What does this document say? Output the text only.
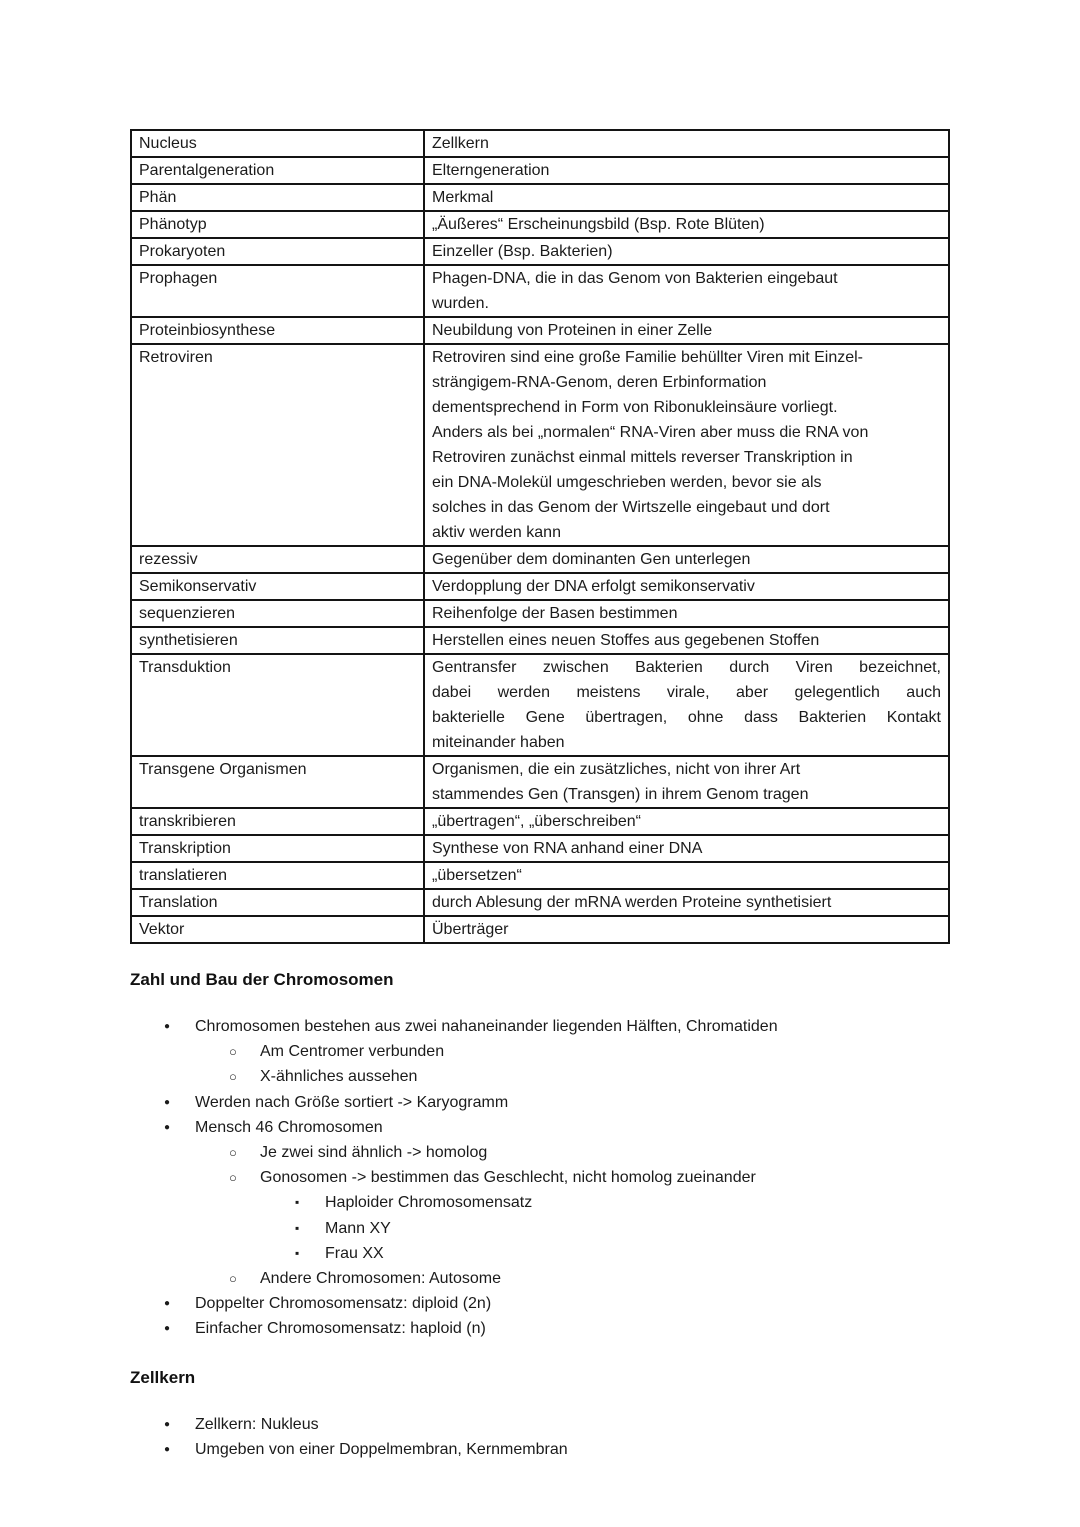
Nucleus	Zellkern

Parentalgeneration	Elterngeneration

Phän	Merkmal

Phänotyp	„Äußeres“ Erscheinungsbild (Bsp. Rote Blüten)

Prokaryoten	Einzeller (Bsp. Bakterien)

Prophagen	Phagen-DNA, die in das Genom von Bakterien eingebaut
wurden.

Proteinbiosynthese	Neubildung von Proteinen in einer Zelle

Retroviren	Retroviren sind eine große Familie behüllter Viren mit Einzel-
strängigem-RNA-Genom, deren Erbinformation
dementsprechend in Form von Ribonukleinsäure vorliegt.
Anders als bei „normalen“ RNA-Viren aber muss die RNA von
Retroviren zunächst einmal mittels reverser Transkription in
ein DNA-Molekül umgeschrieben werden, bevor sie als
solches in das Genom der Wirtszelle eingebaut und dort
aktiv werden kann

rezessiv	Gegenüber dem dominanten Gen unterlegen

Semikonservativ	Verdopplung der DNA erfolgt semikonservativ

sequenzieren	Reihenfolge der Basen bestimmen

synthetisieren	Herstellen eines neuen Stoffes aus gegebenen Stoffen

Transduktion	Gentransfer zwischen Bakterien durch Viren bezeichnet,
dabei werden meistens virale, aber gelegentlich auch
bakterielle Gene übertragen, ohne dass Bakterien Kontakt
miteinander haben

Transgene Organismen	Organismen, die ein zusätzliches, nicht von ihrer Art
stammendes Gen (Transgen) in ihrem Genom tragen

transkribieren	„übertragen“, „überschreiben“

Transkription	Synthese von RNA anhand einer DNA

translatieren	„übersetzen“

Translation	durch Ablesung der mRNA werden Proteine synthetisiert

Vektor	Überträger
Zahl und Bau der Chromosomen
● Chromosomen bestehen aus zwei nahaneinander liegenden Hälften, Chromatiden
○ Am Centromer verbunden
○ X-ähnliches aussehen
● Werden nach Größe sortiert -> Karyogramm
● Mensch 46 Chromosomen
○ Je zwei sind ähnlich -> homolog
○ Gonosomen -> bestimmen das Geschlecht, nicht homolog zueinander
▪ Haploider Chromosomensatz
▪ Mann XY
▪ Frau XX
○ Andere Chromosomen: Autosome
● Doppelter Chromosomensatz: diploid (2n)
● Einfacher Chromosomensatz: haploid (n)
Zellkern
● Zellkern: Nukleus
● Umgeben von einer Doppelmembran, Kernmembran
